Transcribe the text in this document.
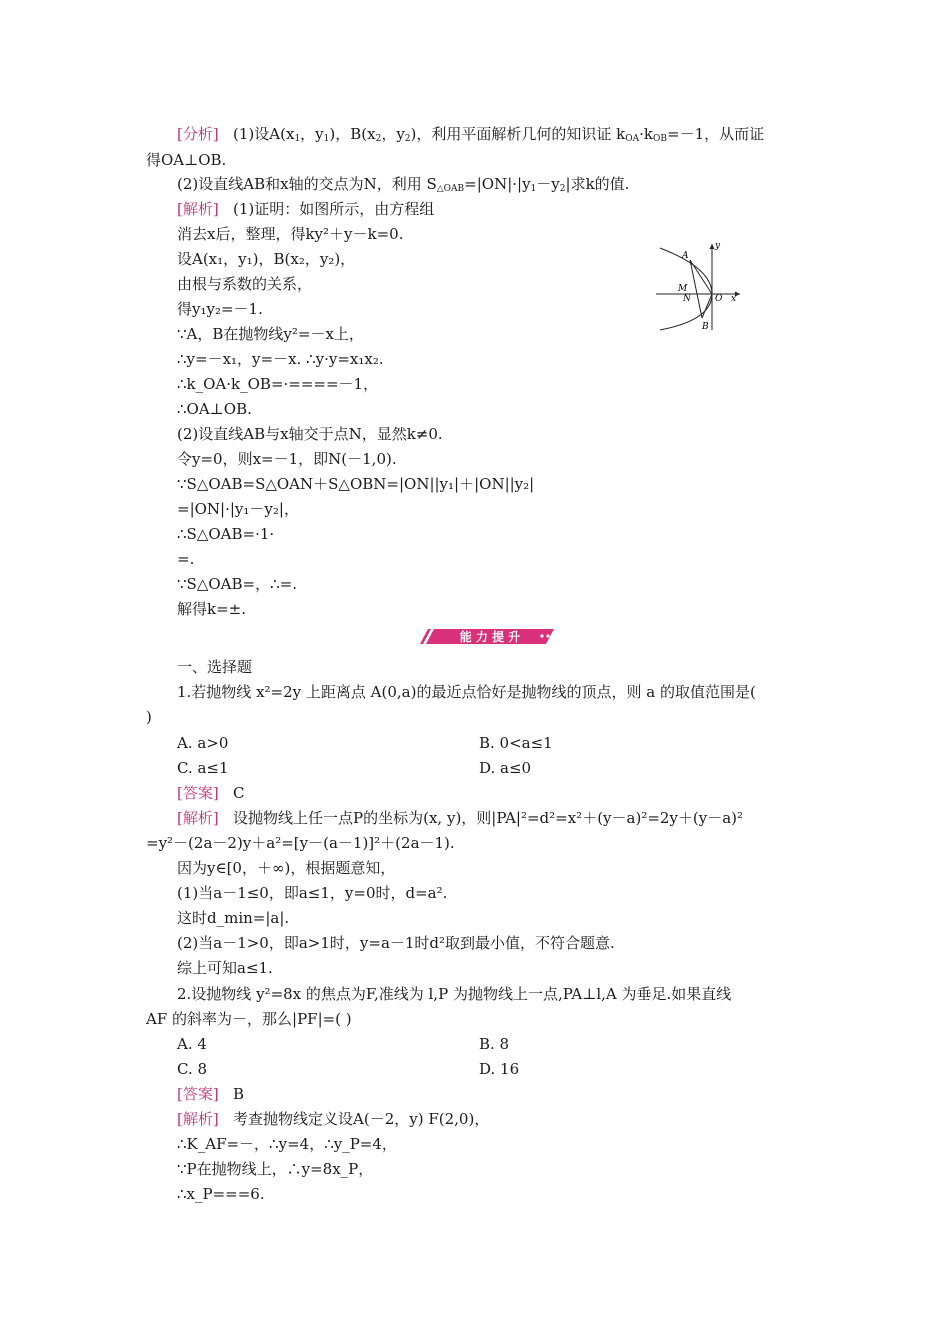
[分析] (1)设$A(x_1$，$y_1$)，$B(x_2$，$y_2$)，利用平面解析几何的知识证 $k_{OA}\cdot k_{OB}=-1$，从而证
得OA⊥OB.
(2)设直线AB和x轴的交点为N，利用 $S_{\triangle OAB}=|ON|\cdot|y_1-y_2|$求k的值.
[解析] (1)证明：如图所示，由方程组
消去x后，整理，得ky²＋y－k=0.
设A(x₁，y₁)，B(x₂，y₂)，
由根与系数的关系，
得y₁y₂=－1.
∵A，B在抛物线y²=－x上，
∴y=－x₁，y=－x. ∴y·y=x₁x₂.
∴k_OA·k_OB=·====－1，
∴OA⊥OB.
(2)设直线AB与x轴交于点N，显然k≠0.
令y=0，则x=－1，即N(－1,0).
∵S△OAB=S△OAN＋S△OBN=|ON||y₁|＋|ON||y₂|
=|ON|·|y₁－y₂|，
∴S△OAB=·1·
=.
∵S△OAB=，∴=.
解得k=±.
y
A
M
N	O x
B
能 力 提 升
一、选择题
1.若抛物线 x²=2y 上距离点 A(0,a)的最近点恰好是抛物线的顶点，则 a 的取值范围是(
)
A. a>0	B. 0<a≤1
C. a≤1	D. a≤0
[答案] C
[解析] 设抛物线上任一点P的坐标为(x, y)，则|PA|²=d²=x²＋(y－a)²=2y＋(y－a)²
=y²－(2a－2)y＋a²=[y－(a－1)]²＋(2a－1).
因为y∈[0，＋∞)，根据题意知，
(1)当a－1≤0，即a≤1，y=0时，d=a².
这时d_min=|a|.
(2)当a－1>0，即a>1时，y=a－1时d²取到最小值，不符合题意.
综上可知a≤1.
2.设抛物线 y²=8x 的焦点为F,准线为 l,P 为抛物线上一点,PA⊥l,A 为垂足.如果直线
AF 的斜率为－，那么|PF|=( )
A. 4	B. 8
C. 8	D. 16
[答案] B
[解析] 考查抛物线定义设A(－2，y) F(2,0)，
∴K_AF=－，∴y=4，∴y_P=4，
∵P在抛物线上，∴y=8x_P，
∴x_P===6.
